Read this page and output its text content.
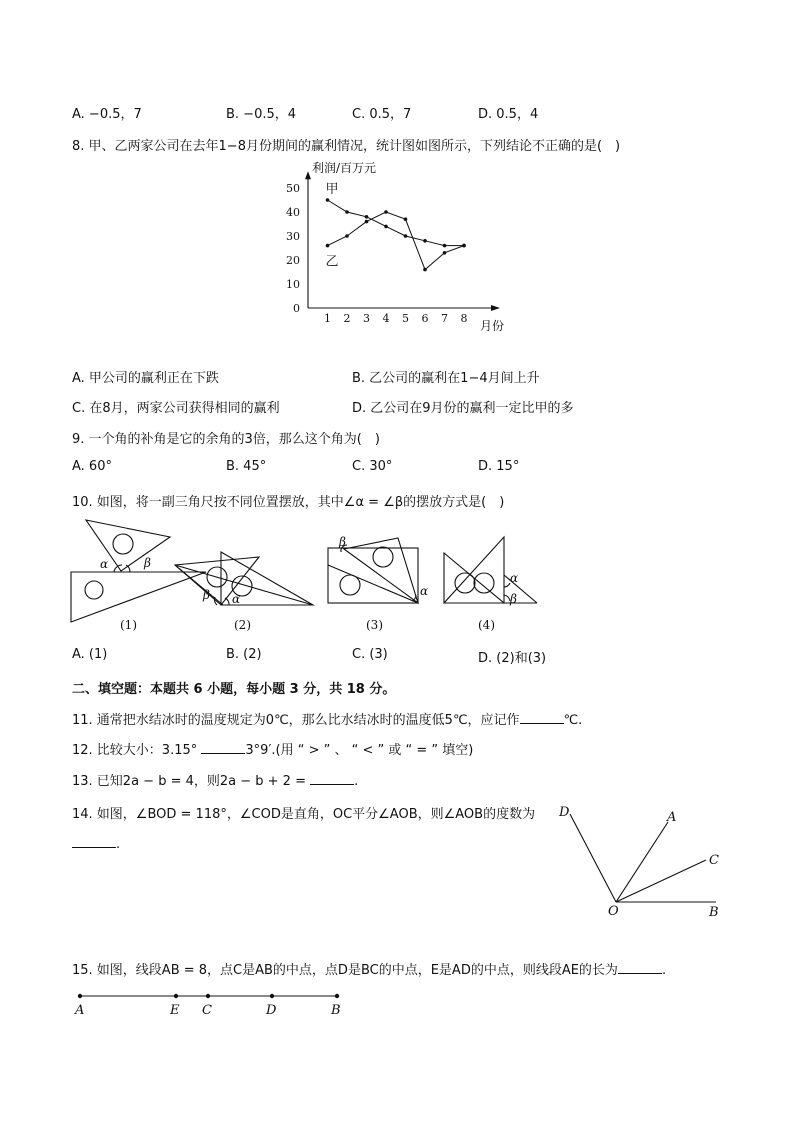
A. −0.5，7	B. −0.5，4	C. 0.5，7	D. 0.5，4
8. 甲、乙两家公司在去年1−8月份期间的赢利情况，统计图如图所示，下列结论不正确的是(　)
0
10
20
30
40
50
1 2 3 4 5 6 7 8
利润/百万元
月份
甲
乙
A. 甲公司的赢利正在下跌	B. 乙公司的赢利在1−4月间上升
C. 在8月，两家公司获得相同的赢利	D. 乙公司在9月份的赢利一定比甲的多
9. 一个角的补角是它的余角的3倍，那么这个角为(　)
A. 60°	B. 45°	C. 30°	D. 15°
10. 如图，将一副三角尺按不同位置摆放，其中∠α = ∠β的摆放方式是(　)
α	β
β α
β
α
α
β
(1)	(2)	(3)	(4)
A. (1)	B. (2)	C. (3)	D. (2)和(3)
二、填空题：本题共 6 小题，每小题 3 分，共 18 分。
11. 通常把水结冰时的温度规定为0℃，那么比水结冰时的温度低5℃，应记作	℃.
12. 比较大小：3.15°	3°9′.(用 “ > ” 、 “ < ” 或 “ = ” 填空)
13. 已知2a − b = 4，则2a − b + 2 =	.
14. 如图，∠BOD = 118°，∠COD是直角，OC平分∠AOB，则∠AOB的度数为
.
D	A
C
O	B
15. 如图，线段AB = 8，点C是AB的中点，点D是BC的中点，E是AD的中点，则线段AE的长为	.
A	E C	D	B
